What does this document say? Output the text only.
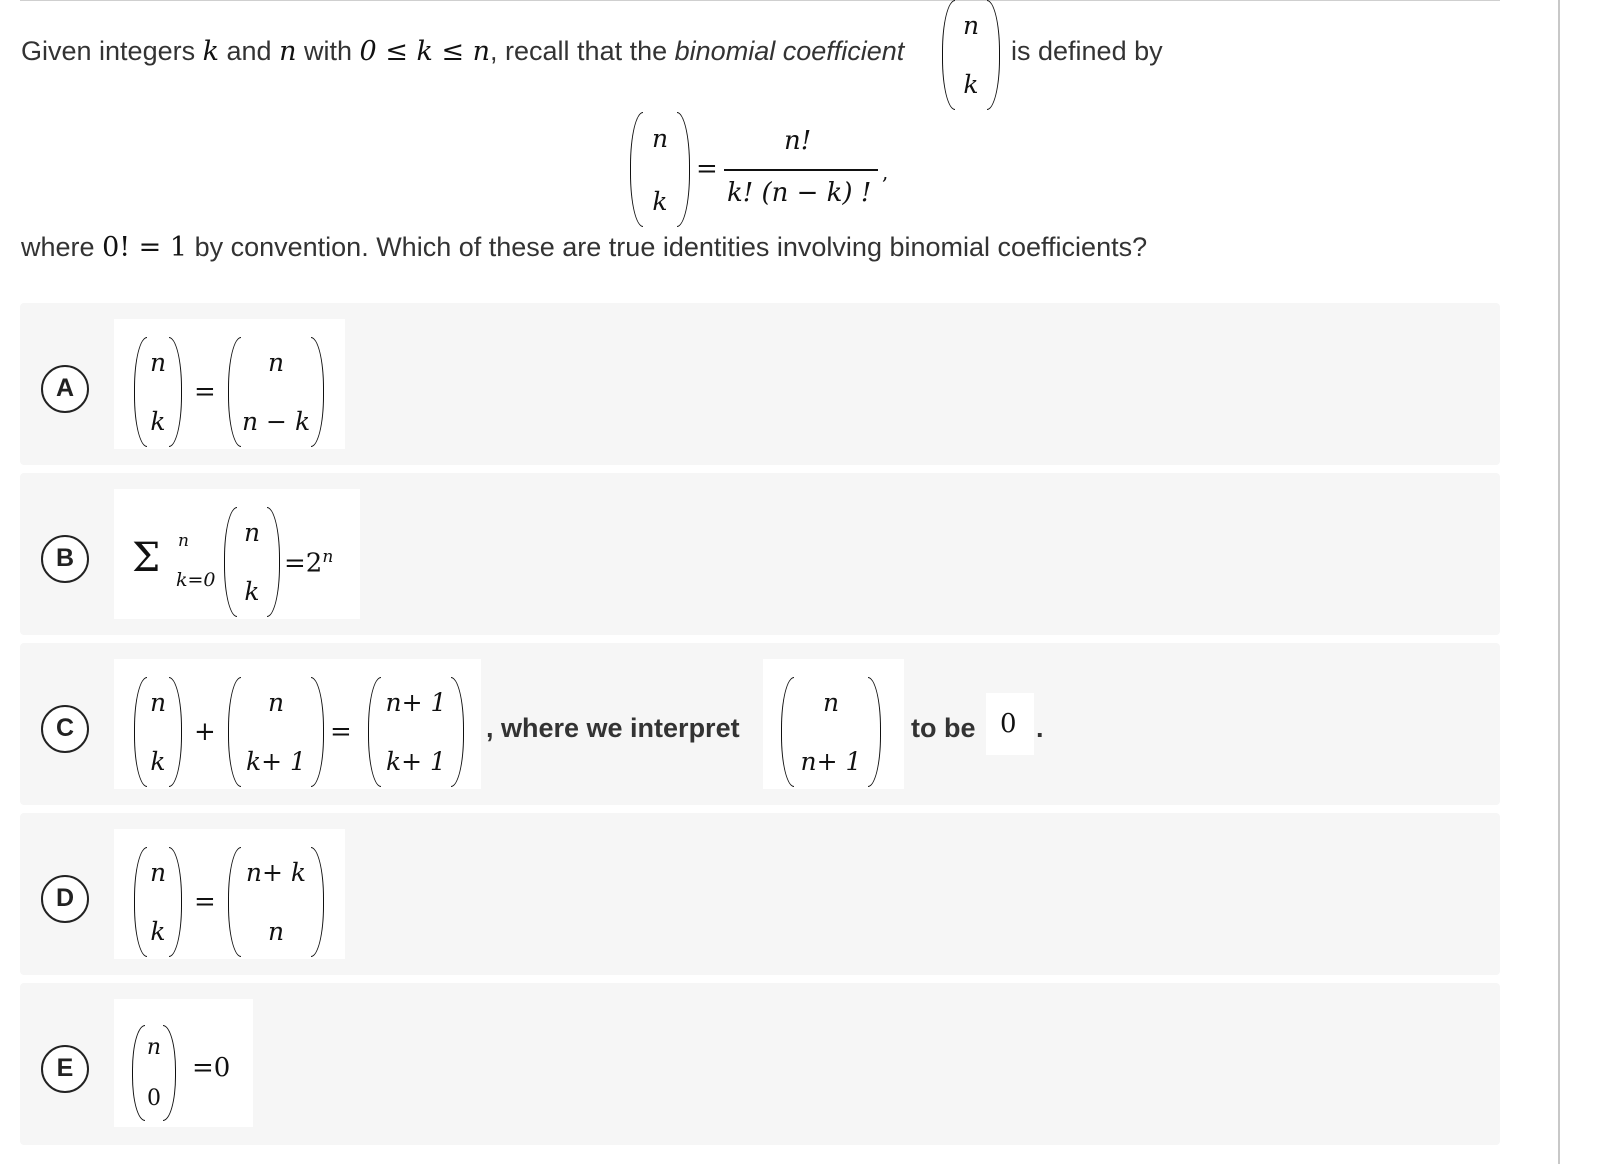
Given integers k and n with 0 ≤ k ≤ n, recall that the binomial coefficient
n
k
is defined by
n
k
=
n!
k! (n − k) !
,
where 0! = 1 by convention. Which of these are true identities involving binomial coefficients?
A
n
k
=
n
n − k
B	Σ n
k=0
n
k
$=2^n$
C
n
k
+
n
k+ 1
=
n+ 1
k+ 1
, where we interpret
n
n+ 1
to be 0 .
D
n
k
=
n+ k
n
E
n
0
=0
